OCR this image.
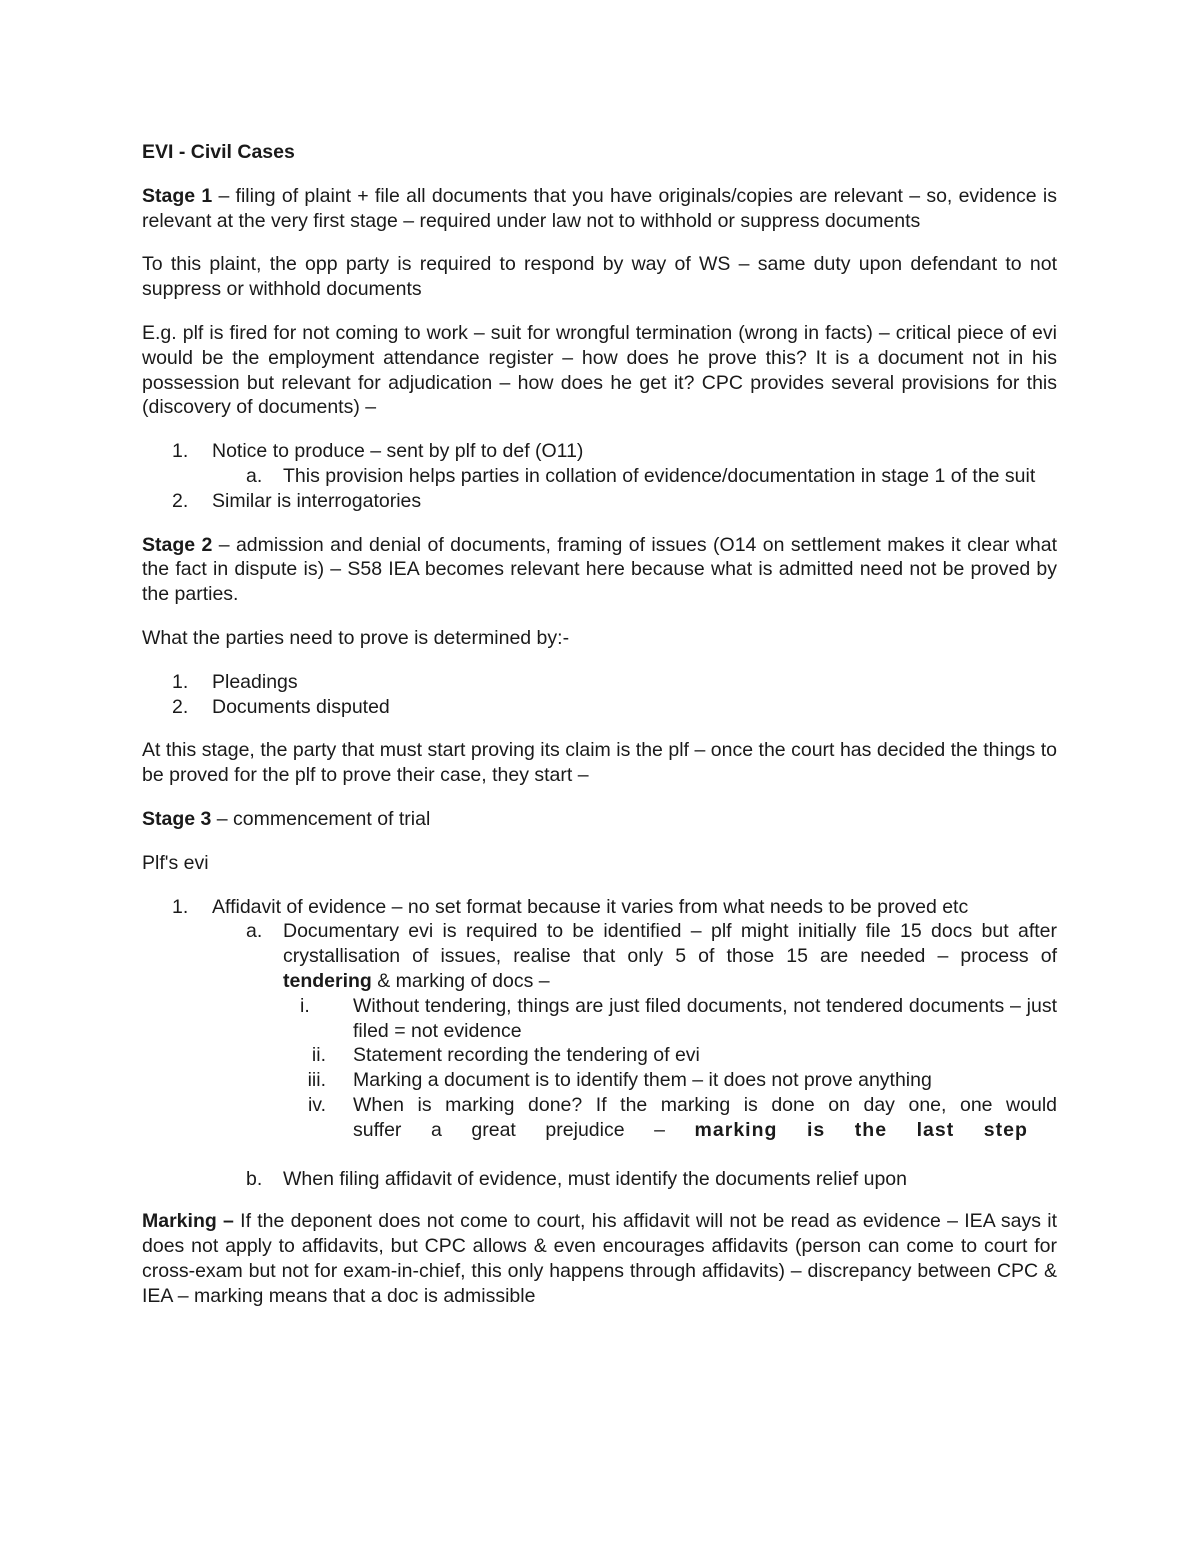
EVI - Civil Cases

Stage 1 – filing of plaint + file all documents that you have originals/copies are relevant – so, evidence is relevant at the very first stage – required under law not to withhold or suppress documents

To this plaint, the opp party is required to respond by way of WS – same duty upon defendant to not suppress or withhold documents

E.g. plf is fired for not coming to work – suit for wrongful termination (wrong in facts) – critical piece of evi would be the employment attendance register – how does he prove this? It is a document not in his possession but relevant for adjudication – how does he get it? CPC provides several provisions for this (discovery of documents) –

1.	Notice to produce – sent by plf to def (O11)
a.	This provision helps parties in collation of evidence/documentation in stage 1 of the suit
2.	Similar is interrogatories

Stage 2 – admission and denial of documents, framing of issues (O14 on settlement makes it clear what the fact in dispute is) – S58 IEA becomes relevant here because what is admitted need not be proved by the parties.

What the parties need to prove is determined by:-

1.	Pleadings
2.	Documents disputed

At this stage, the party that must start proving its claim is the plf – once the court has decided the things to be proved for the plf to prove their case, they start –

Stage 3 – commencement of trial

Plf's evi

1.	Affidavit of evidence – no set format because it varies from what needs to be proved etc
a.	Documentary evi is required to be identified – plf might initially file 15 docs but after crystallisation of issues, realise that only 5 of those 15 are needed – process of tendering & marking of docs –
i.	Without tendering, things are just filed documents, not tendered documents – just filed = not evidence
ii. Statement recording the tendering of evi
iii. Marking a document is to identify them – it does not prove anything
iv. When is marking done? If the marking is done on day one, one would
suffer a great prejudice – marking is the last step
b.	When filing affidavit of evidence, must identify the documents relief upon

Marking – If the deponent does not come to court, his affidavit will not be read as evidence – IEA says it does not apply to affidavits, but CPC allows & even encourages affidavits (person can come to court for cross-exam but not for exam-in-chief, this only happens through affidavits) – discrepancy between CPC & IEA – marking means that a doc is admissible
